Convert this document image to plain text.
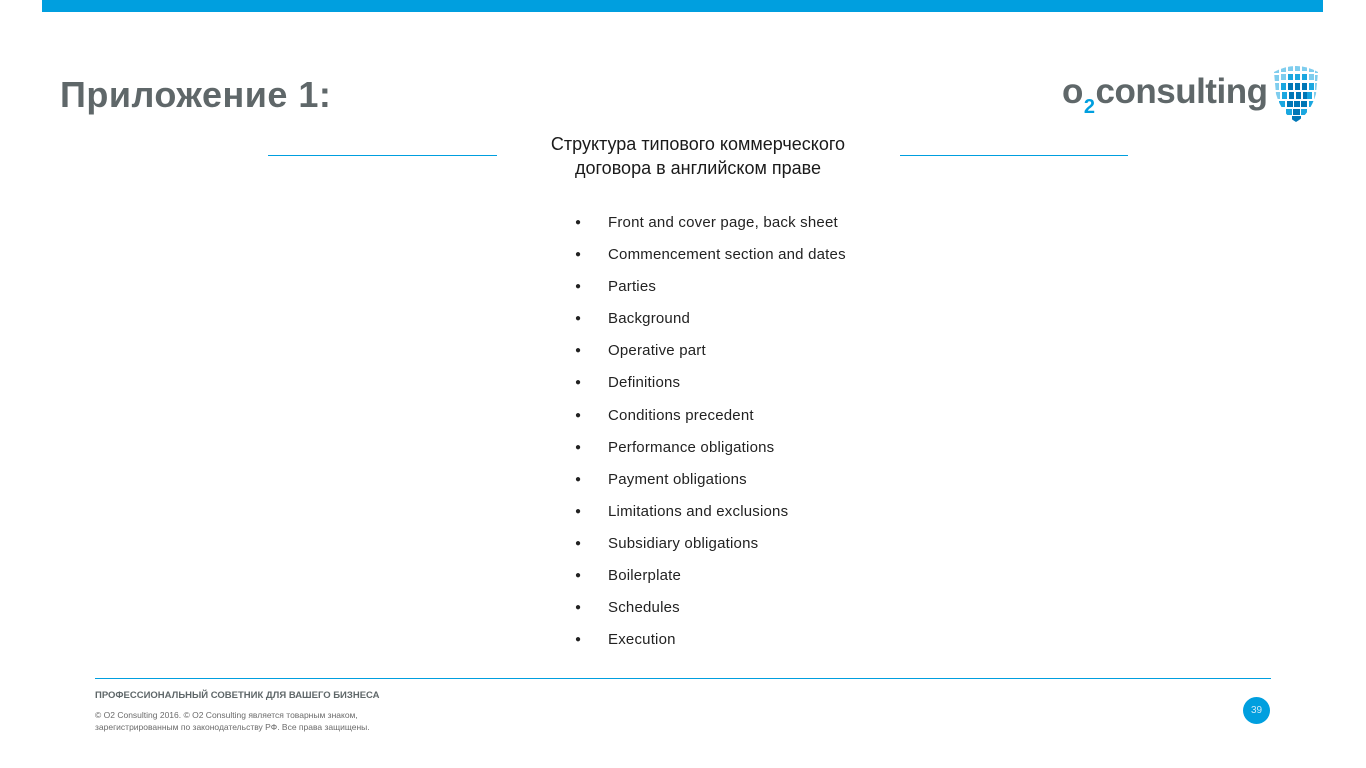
Приложение 1:	$o_2consulting$

Структура типового коммерческого
договора в английском праве

● Front and cover page, back sheet
● Commencement section and dates
● Parties
● Background
● Operative part
● Definitions
● Conditions precedent
● Performance obligations
● Payment obligations
● Limitations and exclusions
● Subsidiary obligations
● Boilerplate
● Schedules
● Execution
ПРОФЕССИОНАЛЬНЫЙ СОВЕТНИК ДЛЯ ВАШЕГО БИЗНЕСА
© O2 Consulting 2016. © O2 Consulting является товарным знаком,
зарегистрированным по законодательству РФ. Все права защищены.
39
